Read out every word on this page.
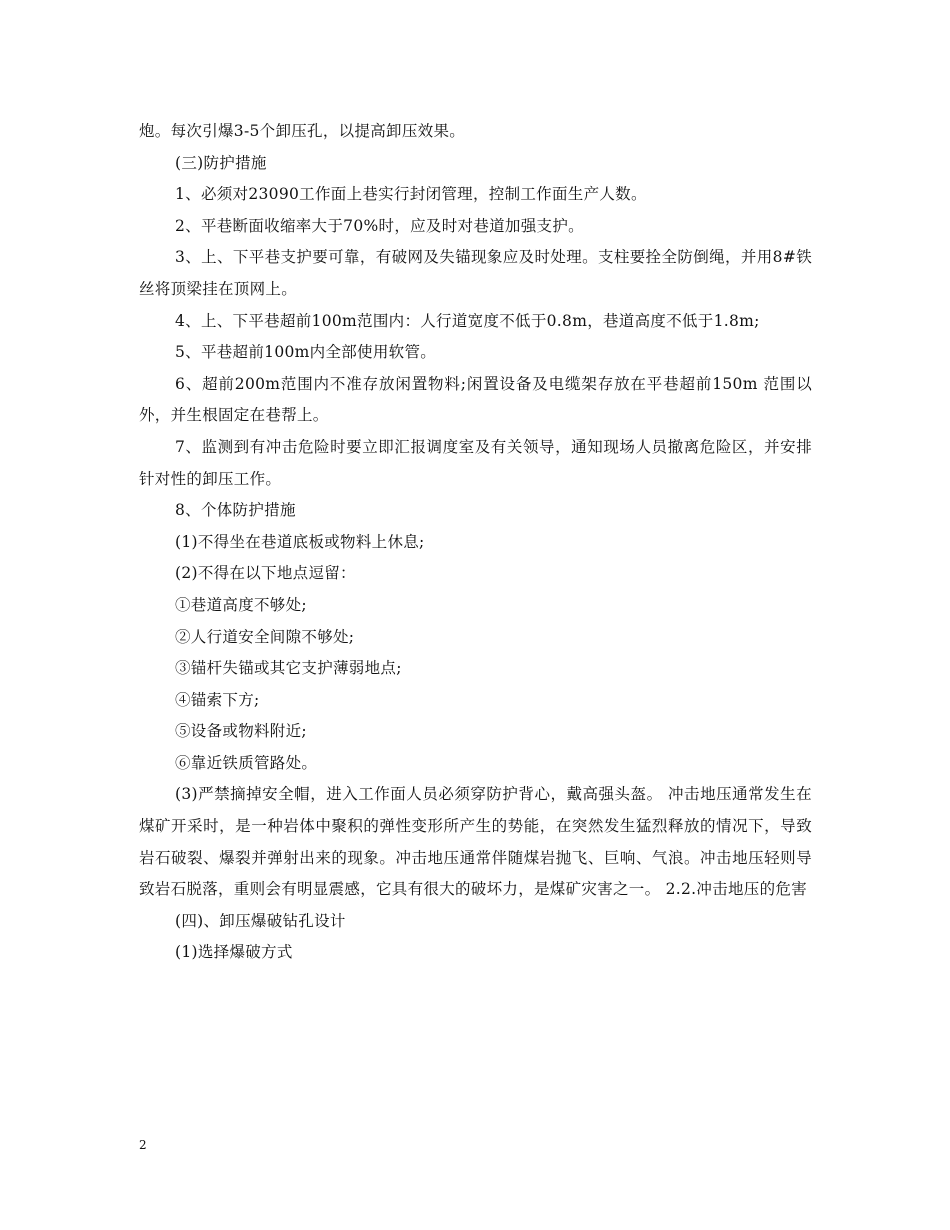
炮。每次引爆3-5个卸压孔，以提高卸压效果。

(三)防护措施

1、必须对23090工作面上巷实行封闭管理，控制工作面生产人数。

2、平巷断面收缩率大于70%时，应及时对巷道加强支护。

3、上、下平巷支护要可靠，有破网及失锚现象应及时处理。支柱要拴全防倒绳，并用8#铁丝将顶梁挂在顶网上。

4、上、下平巷超前100m范围内：人行道宽度不低于0.8m，巷道高度不低于1.8m;

5、平巷超前100m内全部使用软管。

6、超前200m范围内不准存放闲置物料;闲置设备及电缆架存放在平巷超前150m 范围以外，并生根固定在巷帮上。

7、监测到有冲击危险时要立即汇报调度室及有关领导，通知现场人员撤离危险区，并安排针对性的卸压工作。

8、个体防护措施

(1)不得坐在巷道底板或物料上休息;

(2)不得在以下地点逗留：

①巷道高度不够处;

②人行道安全间隙不够处;

③锚杆失锚或其它支护薄弱地点;

④锚索下方;

⑤设备或物料附近;

⑥靠近铁质管路处。

(3)严禁摘掉安全帽，进入工作面人员必须穿防护背心，戴高强头盔。 冲击地压通常发生在煤矿开采时，是一种岩体中聚积的弹性变形所产生的势能，在突然发生猛烈释放的情况下，导致岩石破裂、爆裂并弹射出来的现象。冲击地压通常伴随煤岩抛飞、巨响、气浪。冲击地压轻则导致岩石脱落，重则会有明显震感，它具有很大的破坏力，是煤矿灾害之一。 2.2.冲击地压的危害

(四)、卸压爆破钻孔设计

(1)选择爆破方式

2
